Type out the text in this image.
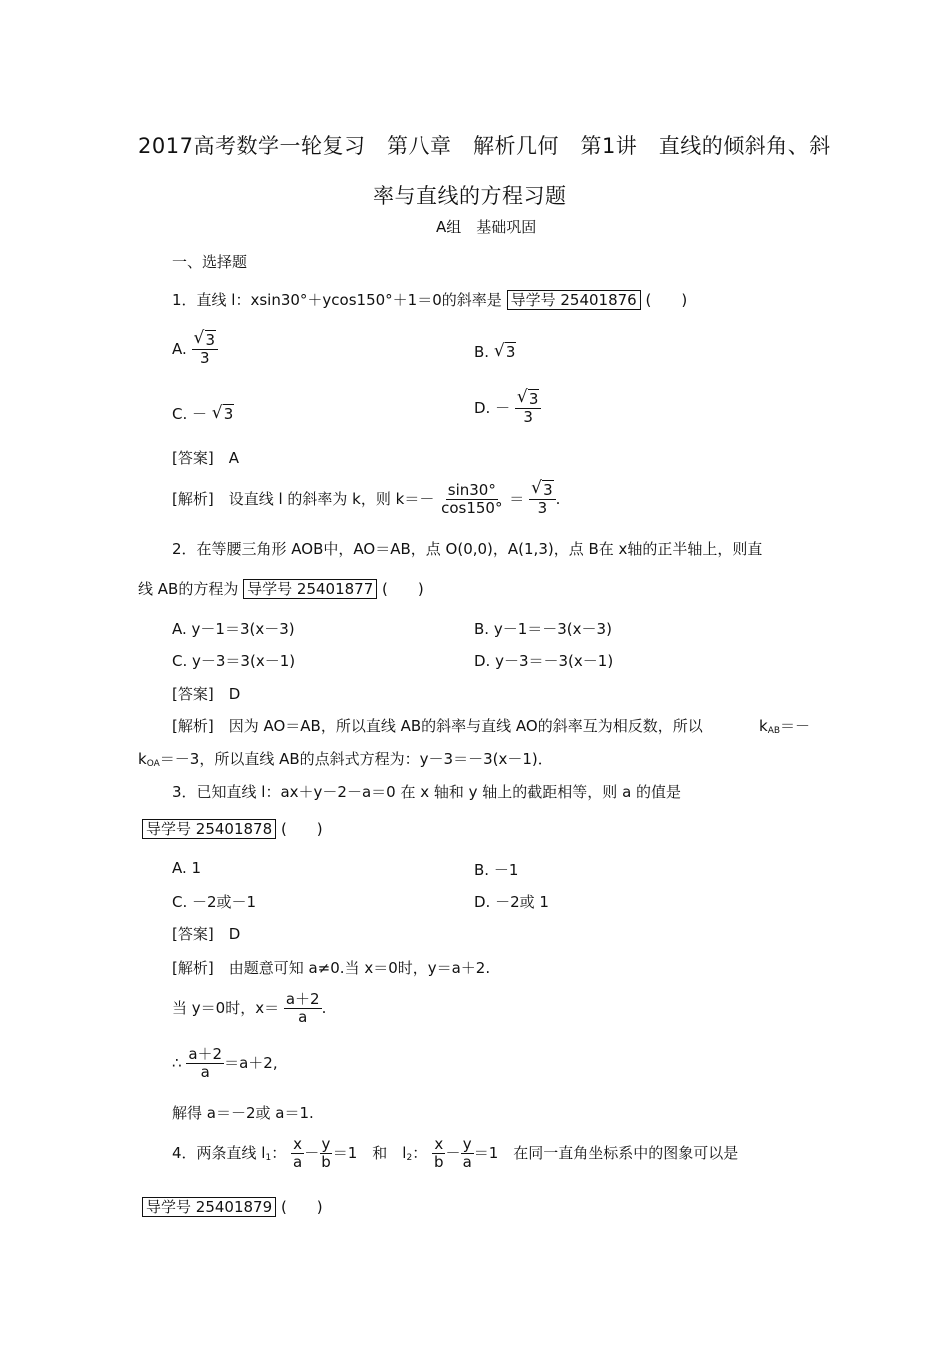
2017高考数学一轮复习　第八章　解析几何　第1讲　直线的倾斜角、斜
率与直线的方程习题
A组　基础巩固
一、选择题
1．直线 l：xsin30°＋ycos150°＋1＝0的斜率是 导学号 25401876 (　　)
A. $\frac{√ 3}{3}$	B. √ 3
C. － √ 3	D. － $\frac{√ 3}{3}$
[答案]　A
[解析]　设直线 l 的斜率为 k，则 $k=- \frac{\sin 30^\circ}{\cos 150^\circ} = \frac{√ 3}{3}$ .
2．在等腰三角形 AOB中，AO＝AB，点 O(0,0)，A(1,3)，点 B在 x轴的正半轴上，则直
线 AB的方程为 导学号 25401877 (　　)
A. y－1＝3(x－3)	B. y－1＝－3(x－3)
C. y－3＝3(x－1)	D. y－3＝－3(x－1)
[答案]　D
[解析]　因为 AO＝AB，所以直线 AB的斜率与直线 AO的斜率互为相反数，所以	$k_{AB}=-$
$k_{OA}=-3$，所以直线 AB的点斜式方程为：y－3＝－3(x－1)．
3．已知直线 l：ax＋y－2－a＝0 在 x 轴和 y 轴上的截距相等，则 a 的值是
导学号 25401878 (　　)
A. 1	B. －1
C. －2或－1	D. －2或 1
[答案]　D
[解析]　由题意可知 a≠0.当 x＝0时，y＝a＋2.
当 y＝0时，$x= \frac{a+2}{a}$ .
∴ $\frac{a+2}{a} =a+2$,
解得 a＝－2或 a＝1.
4．两条直线 $l_1$： $\frac{x}{a} - \frac{y}{b} =1$　和　$l_2$： $\frac{x}{b} - \frac{y}{a} =1$　在同一直角坐标系中的图象可以是
导学号 25401879 (　　)
